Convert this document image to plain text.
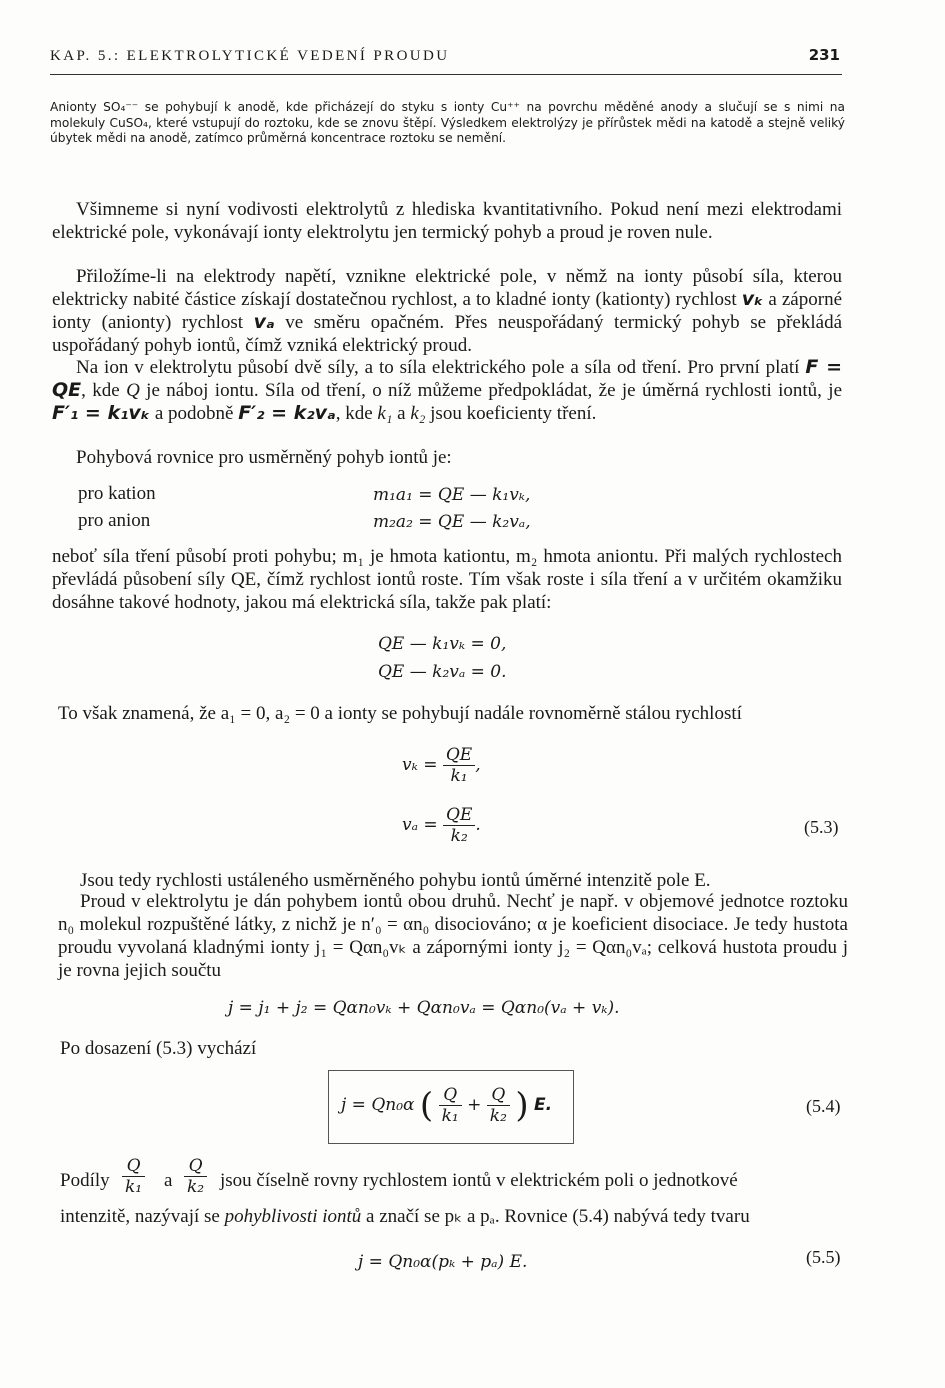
KAP. 5.: ELEKTROLYTICKÉ VEDENÍ PROUDU	231

Anionty SO₄⁻⁻ se pohybují k anodě, kde přicházejí do styku s ionty Cu⁺⁺ na povrchu měděné anody a slučují se s nimi na molekuly CuSO₄, které vstupují do roztoku, kde se znovu štěpí. Výsledkem elektrolýzy je přírůstek mědi na katodě a stejně veliký úbytek mědi na anodě, zatímco průměrná koncentrace roztoku se nemění.

Všimneme si nyní vodivosti elektrolytů z hlediska kvantitativního. Pokud není mezi elektrodami elektrické pole, vykonávají ionty elektrolytu jen termický pohyb a proud je roven nule.

Přiložíme-li na elektrody napětí, vznikne elektrické pole, v němž na ionty působí síla, kterou elektricky nabité částice získají dostatečnou rychlost, a to kladné ionty (kationty) rychlost vₖ a záporné ionty (anionty) rychlost vₐ ve směru opačném. Přes neuspořádaný termický pohyb se překládá uspořádaný pohyb iontů, čímž vzniká elektrický proud.

Na ion v elektrolytu působí dvě síly, a to síla elektrického pole a síla od tření. Pro první platí F = QE, kde Q je náboj iontu. Síla od tření, o níž můžeme předpokládat, že je úměrná rychlosti iontů, je F′₁ = k₁vₖ a podobně F′₂ = k₂vₐ, kde k₁ a k₂ jsou koeficienty tření.

Pohybová rovnice pro usměrněný pohyb iontů je:
pro kation	m₁a₁ = QE — k₁vₖ,
pro anion	m₂a₂ = QE — k₂vₐ,

neboť síla tření působí proti pohybu; m₁ je hmota kationtu, m₂ hmota aniontu. Při malých rychlostech převládá působení síly QE, čímž rychlost iontů roste. Tím však roste i síla tření a v určitém okamžiku dosáhne takové hodnoty, jakou má elektrická síla, takže pak platí:

QE — k₁vₖ = 0,
QE — k₂vₐ = 0.

To však znamená, že a₁ = 0, a₂ = 0 a ionty se pohybují nadále rovnoměrně stálou rychlostí

$v_k = \frac{QE}{\text{k₁}}$ ,
$v_a = \frac{QE}{\text{k₂}}$ .	(5.3)
Jsou tedy rychlosti ustáleného usměrněného pohybu iontů úměrné intenzitě pole E.

Proud v elektrolytu je dán pohybem iontů obou druhů. Nechť je např. v objemové jednotce roztoku n₀ molekul rozpuštěné látky, z nichž je n′₀ = αn₀ disociováno; α je koeficient disociace. Je tedy hustota proudu vyvolaná kladnými ionty j₁ = Qαn₀vₖ a zápornými ionty j₂ = Qαn₀vₐ; celková hustota proudu j je rovna jejich součtu

j = j₁ + j₂ = Qαn₀vₖ + Qαn₀vₐ = Qαn₀(vₐ + vₖ).
Po dosazení (5.3) vychází
j = Qn₀α ( $\frac{Q}{\text{k₁}} + \frac{Q}{\text{k₂}}$ ) E.	(5.4)
Podíly $\frac{Q}{\text{k₁}}$ a $\frac{Q}{\text{k₂}}$ jsou číselně rovny rychlostem iontů v elektrickém poli o jednotkové

intenzitě, nazývají se pohyblivosti iontů a značí se pₖ a pₐ. Rovnice (5.4) nabývá tedy tvaru

j = Qn₀α(pₖ + pₐ) E.	(5.5)
